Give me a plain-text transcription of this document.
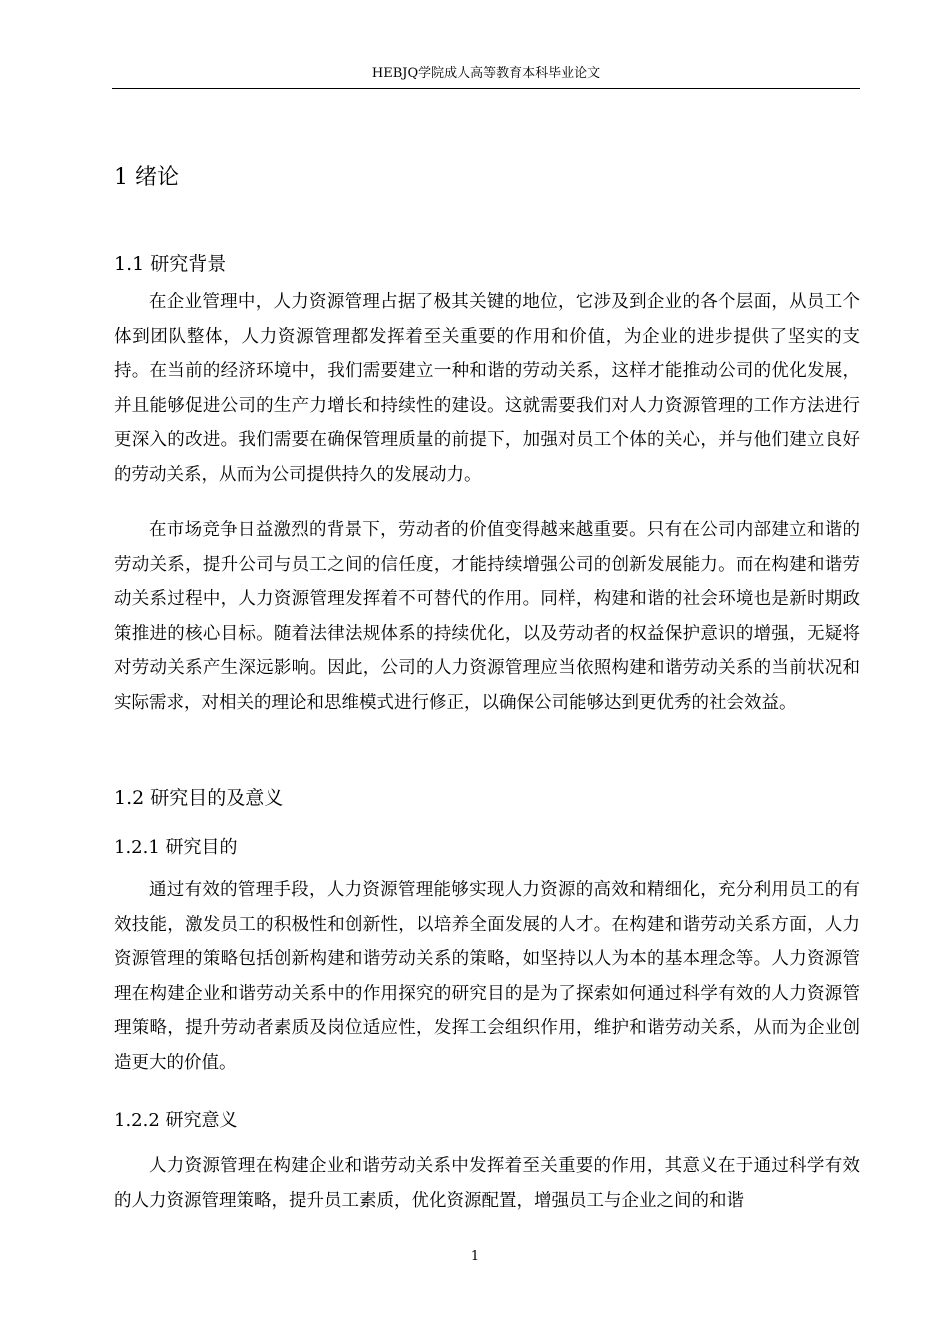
HEBJQ学院成人高等教育本科毕业论文
1 绪论
1.1 研究背景

在企业管理中，人力资源管理占据了极其关键的地位，它涉及到企业的各个层面，从员工个体到团队整体，人力资源管理都发挥着至关重要的作用和价值，为企业的进步提供了坚实的支持。在当前的经济环境中，我们需要建立一种和谐的劳动关系，这样才能推动公司的优化发展，并且能够促进公司的生产力增长和持续性的建设。这就需要我们对人力资源管理的工作方法进行更深入的改进。我们需要在确保管理质量的前提下，加强对员工个体的关心，并与他们建立良好的劳动关系，从而为公司提供持久的发展动力。

在市场竞争日益激烈的背景下，劳动者的价值变得越来越重要。只有在公司内部建立和谐的劳动关系，提升公司与员工之间的信任度，才能持续增强公司的创新发展能力。而在构建和谐劳动关系过程中，人力资源管理发挥着不可替代的作用。同样，构建和谐的社会环境也是新时期政策推进的核心目标。随着法律法规体系的持续优化，以及劳动者的权益保护意识的增强，无疑将对劳动关系产生深远影响。因此，公司的人力资源管理应当依照构建和谐劳动关系的当前状况和实际需求，对相关的理论和思维模式进行修正，以确保公司能够达到更优秀的社会效益。

1.2 研究目的及意义
1.2.1 研究目的

通过有效的管理手段，人力资源管理能够实现人力资源的高效和精细化，充分利用员工的有效技能，激发员工的积极性和创新性，以培养全面发展的人才。在构建和谐劳动关系方面，人力资源管理的策略包括创新构建和谐劳动关系的策略，如坚持以人为本的基本理念等。人力资源管理在构建企业和谐劳动关系中的作用探究的研究目的是为了探索如何通过科学有效的人力资源管理策略，提升劳动者素质及岗位适应性，发挥工会组织作用，维护和谐劳动关系，从而为企业创造更大的价值。

1.2.2 研究意义

人力资源管理在构建企业和谐劳动关系中发挥着至关重要的作用，其意义在于通过科学有效的人力资源管理策略，提升员工素质，优化资源配置，增强员工与企业之间的和谐

1
